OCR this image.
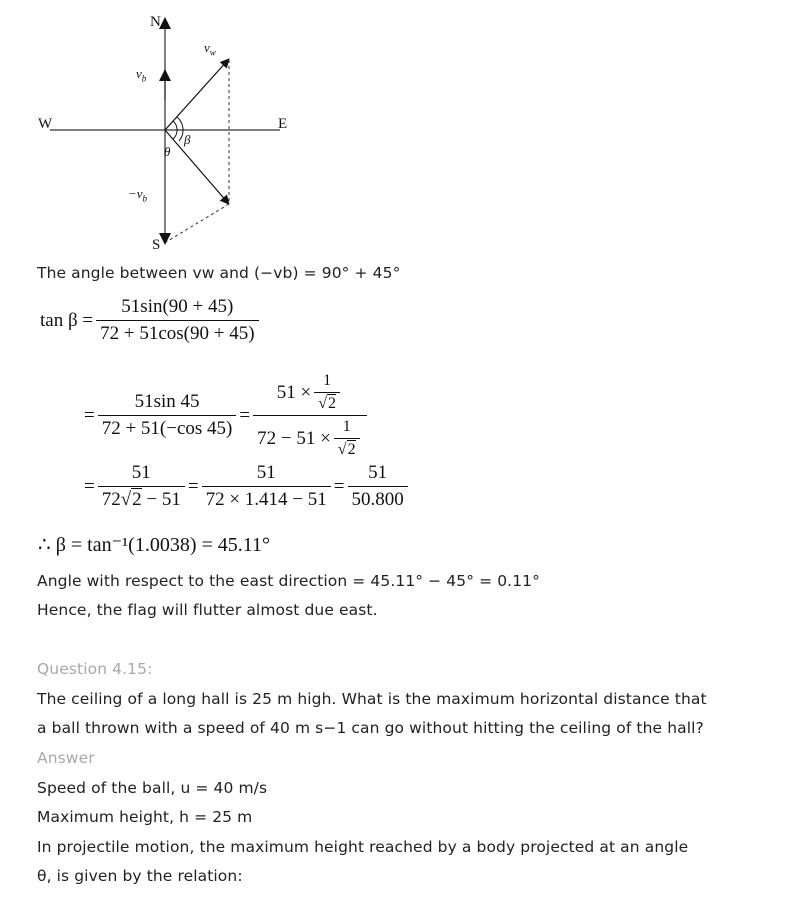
N
S
W	E
$v_w$
$v_b$
$-v_b$
β
θ
The angle between vw and (−vb) = 90° + 45°
$\tan \beta = \frac{51\sin(90 + 45)}{72 + 51\cos(90 + 45)}$
= $\frac{51\sin 45}{72 + 51(-\cos 45)} = \frac{51 \times \frac{1}{√2}}{72 - 51 \times \frac{1}{√2}}$
= $\frac{51}{72√2 - 51} = \frac{51}{72 \times 1.414 - 51} = \frac{51}{50.800}$
∴ β = tan⁻¹(1.0038) = 45.11°
Angle with respect to the east direction = 45.11° − 45° = 0.11°
Hence, the flag will flutter almost due east.
Question 4.15:
The ceiling of a long hall is 25 m high. What is the maximum horizontal distance that
a ball thrown with a speed of 40 m s−1 can go without hitting the ceiling of the hall?
Answer
Speed of the ball, u = 40 m/s
Maximum height, h = 25 m
In projectile motion, the maximum height reached by a body projected at an angle
θ, is given by the relation:
